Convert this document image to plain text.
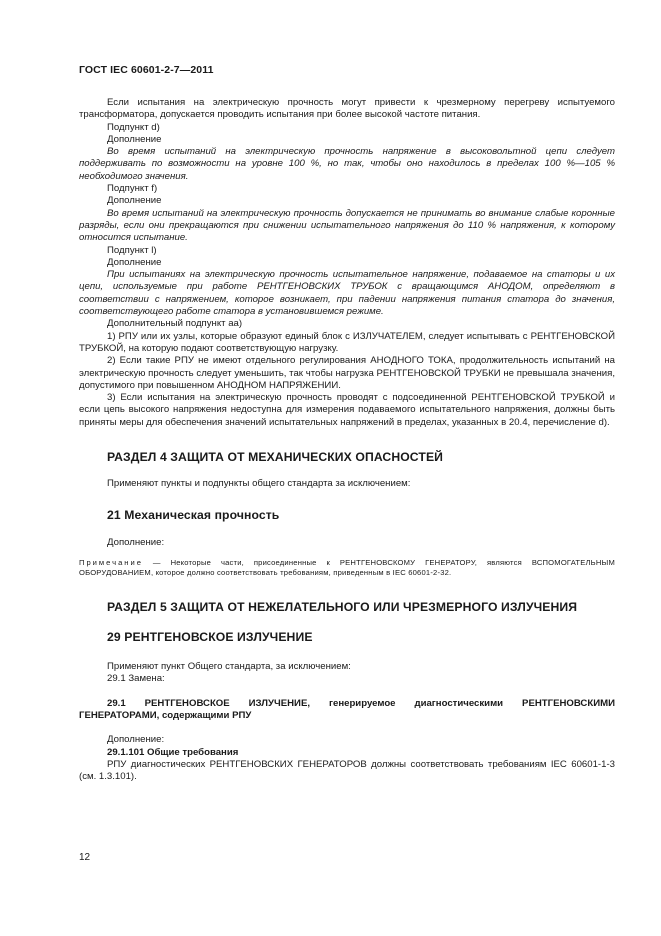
ГОСТ IEC 60601-2-7—2011

Если испытания на электрическую прочность могут привести к чрезмерному перегреву испытуемого трансформатора, допускается проводить испытания при более высокой частоте питания.

Подпункт d)

Дополнение

Во время испытаний на электрическую прочность напряжение в высоковольтной цепи следует поддерживать по возможности на уровне 100 %, но так, чтобы оно находилось в пределах 100 %—105 % необходимого значения.

Подпункт f)

Дополнение

Во время испытаний на электрическую прочность допускается не принимать во внимание слабые коронные разряды, если они прекращаются при снижении испытательного напряжения до 110 % напряжения, к которому относится испытание.

Подпункт l)

Дополнение

При испытаниях на электрическую прочность испытательное напряжение, подаваемое на статоры и их цепи, используемые при работе РЕНТГЕНОВСКИХ ТРУБОК с вращающимся АНОДОМ, определяют в соответствии с напряжением, которое возникает, при падении напряжения питания статора до значения, соответствующего работе статора в установившемся режиме.

Дополнительный подпункт аа)

1) РПУ или их узлы, которые образуют единый блок с ИЗЛУЧАТЕЛЕМ, следует испытывать с РЕНТГЕНОВСКОЙ ТРУБКОЙ, на которую подают соответствующую нагрузку.

2) Если такие РПУ не имеют отдельного регулирования АНОДНОГО ТОКА, продолжительность испытаний на электрическую прочность следует уменьшить, так чтобы нагрузка РЕНТГЕНОВСКОЙ ТРУБКИ не превышала значения, допустимого при повышенном АНОДНОМ НАПРЯЖЕНИИ.

3) Если испытания на электрическую прочность проводят с подсоединенной РЕНТГЕНОВСКОЙ ТРУБКОЙ и если цепь высокого напряжения недоступна для измерения подаваемого испытательного напряжения, должны быть приняты меры для обеспечения значений испытательных напряжений в пределах, указанных в 20.4, перечисление d).

РАЗДЕЛ 4 ЗАЩИТА ОТ МЕХАНИЧЕСКИХ ОПАСНОСТЕЙ

Применяют пункты и подпункты общего стандарта за исключением:

21 Механическая прочность

Дополнение:

Примечание — Некоторые части, присоединенные к РЕНТГЕНОВСКОМУ ГЕНЕРАТОРУ, являются ВСПОМОГАТЕЛЬНЫМ ОБОРУДОВАНИЕМ, которое должно соответствовать требованиям, приведенным в IEC 60601-2-32.

РАЗДЕЛ 5 ЗАЩИТА ОТ НЕЖЕЛАТЕЛЬНОГО ИЛИ ЧРЕЗМЕРНОГО ИЗЛУЧЕНИЯ
29 РЕНТГЕНОВСКОЕ ИЗЛУЧЕНИЕ

Применяют пункт Общего стандарта, за исключением:

29.1 Замена:

29.1 РЕНТГЕНОВСКОЕ ИЗЛУЧЕНИЕ, генерируемое диагностическими РЕНТГЕНОВСКИМИ ГЕНЕРАТОРАМИ, содержащими РПУ

Дополнение:

29.1.101 Общие требования

РПУ диагностических РЕНТГЕНОВСКИХ ГЕНЕРАТОРОВ должны соответствовать требованиям IEC 60601-1-3 (см. 1.3.101).

12
